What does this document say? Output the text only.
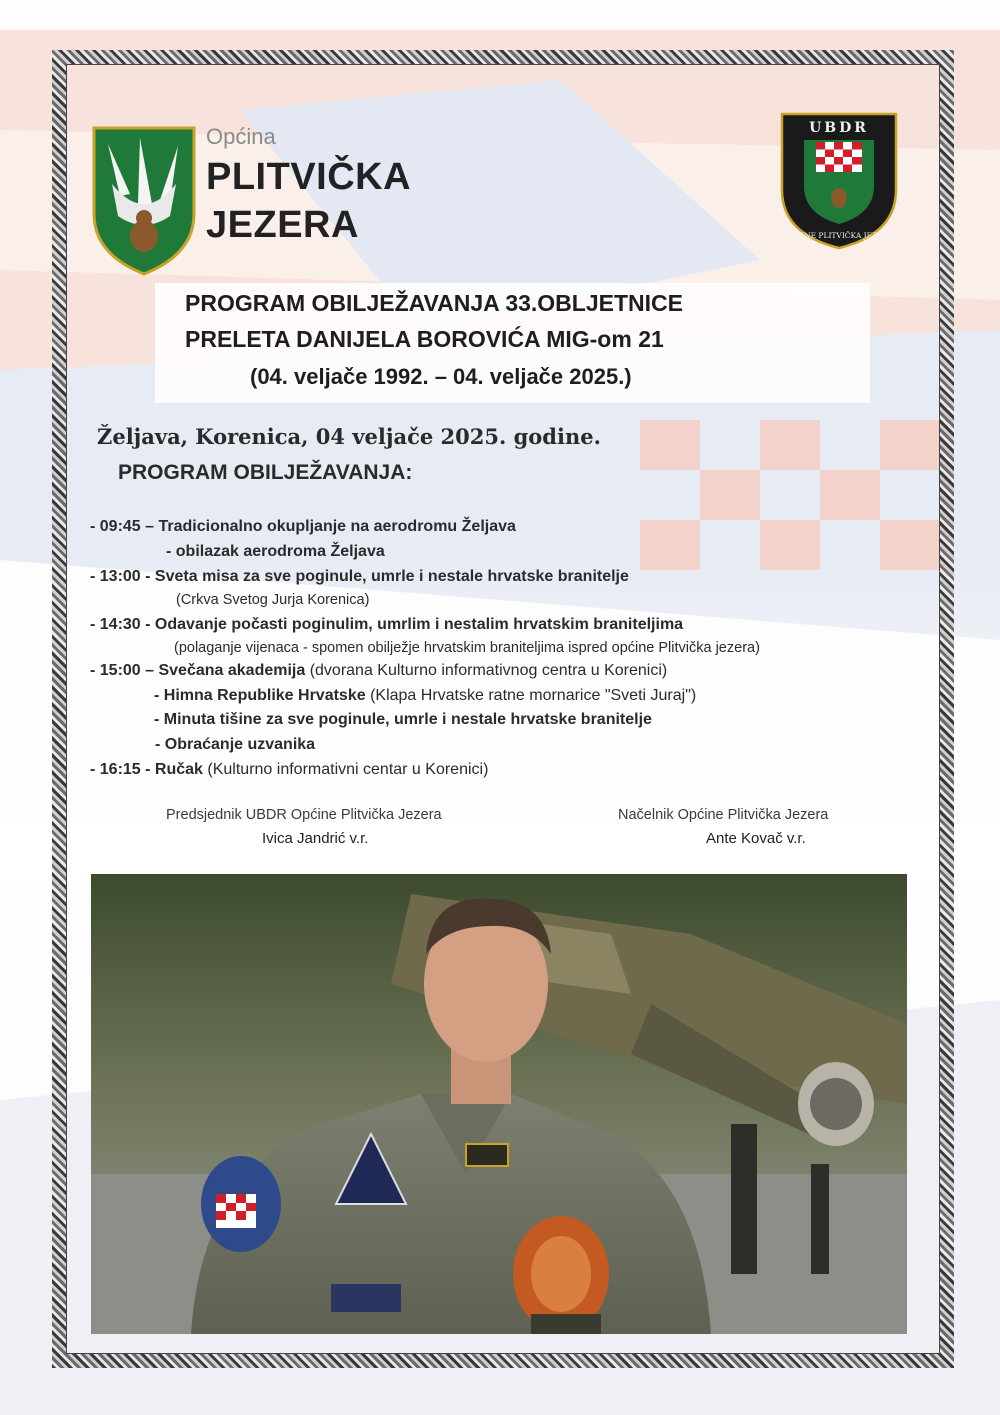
Općina
PLITVIČKA
JEZERA
UBDR
OPĆINE PLITVIČKA JEZERA
PROGRAM OBILJEŽAVANJA 33.OBLJETNICE
PRELETA DANIJELA BOROVIĆA MIG-om 21
(04. veljače 1992. – 04. veljače 2025.)
Željava, Korenica, 04 veljače 2025. godine.
PROGRAM OBILJEŽAVANJA:
- 09:45 – Tradicionalno okupljanje na aerodromu Željava
- obilazak aerodroma Željava
- 13:00 - Sveta misa za sve poginule, umrle i nestale hrvatske branitelje
(Crkva Svetog Jurja Korenica)
- 14:30 - Odavanje počasti poginulim, umrlim i nestalim hrvatskim braniteljima
(polaganje vijenaca - spomen obilježje hrvatskim braniteljima ispred općine Plitvička jezera)
- 15:00 – Svečana akademija (dvorana Kulturno informativnog centra u Korenici)
- Himna Republike Hrvatske (Klapa Hrvatske ratne mornarice "Sveti Juraj")
- Minuta tišine za sve poginule, umrle i nestale hrvatske branitelje
- Obraćanje uzvanika
- 16:15 - Ručak (Kulturno informativni centar u Korenici)
Predsjednik UBDR Općine Plitvička Jezera
Ivica Jandrić v.r.
Načelnik Općine Plitvička Jezera
Ante Kovač v.r.
